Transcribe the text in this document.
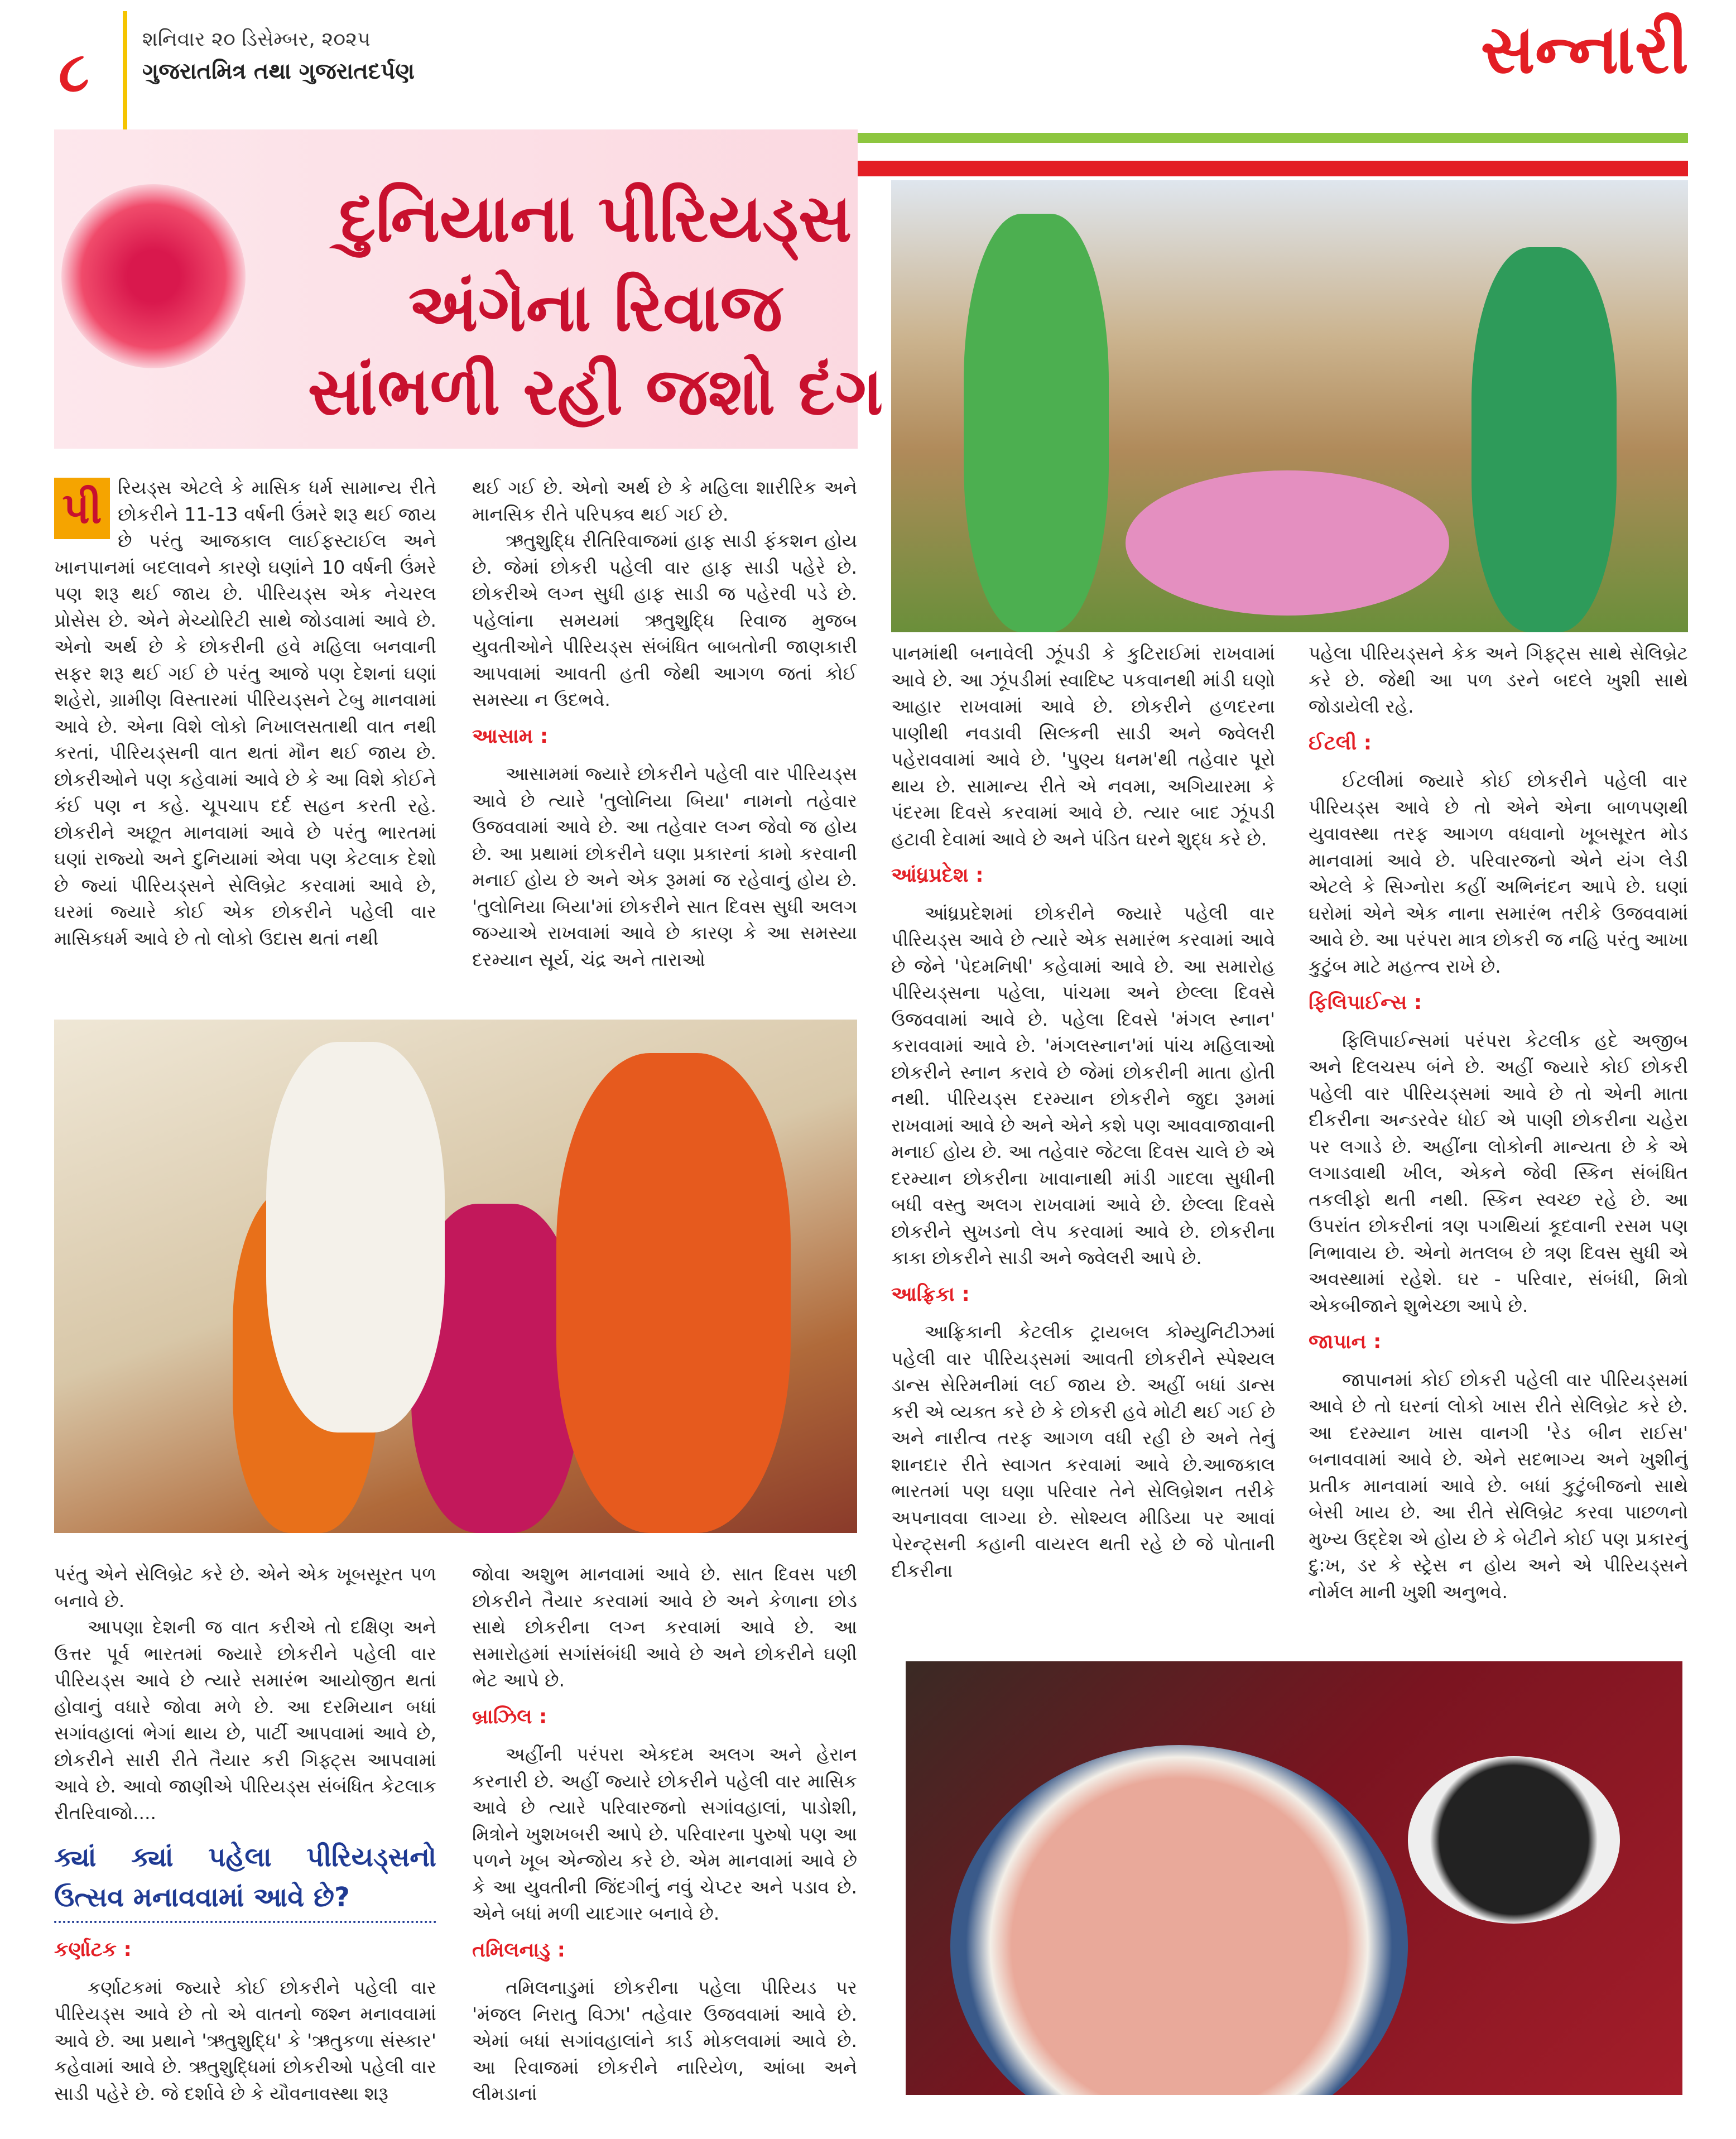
૮	શનિવાર ૨૦ ડિસેમ્બર, ૨૦૨૫
ગુજરાતમિત્ર તથા ગુજરાતદર્પણ	સન્નારી
દુનિયાના પીરિયડ્સ
અંગેના રિવાજ
સાંભળી રહી જશો દંગ
પી રિયડ્સ એટલે કે માસિક ધર્મ સામાન્ય રીતે છોકરીને 11-13 વર્ષની ઉંમરે શરૂ થઈ જાય છે પરંતુ આજકાલ લાઈફસ્ટાઈલ અને ખાનપાનમાં બદલાવને કારણે ઘણાંને 10 વર્ષની ઉંમરે પણ શરૂ થઈ જાય છે. પીરિયડ્સ એક નેચરલ પ્રોસેસ છે. એને મેચ્યોરિટી સાથે જોડવામાં આવે છે. એનો અર્થ છે કે છોકરીની હવે મહિલા બનવાની સફર શરૂ થઈ ગઈ છે પરંતુ આજે પણ દેશનાં ઘણાં શહેરો, ગ્રામીણ વિસ્તારમાં પીરિયડ્સને ટેબુ માનવામાં આવે છે. એના વિશે લોકો નિખાલસતાથી વાત નથી કરતાં, પીરિયડ્સની વાત થતાં મૌન થઈ જાય છે. છોકરીઓને પણ કહેવામાં આવે છે કે આ વિશે કોઈને કંઈ પણ ન કહે. ચૂપચાપ દર્દ સહન કરતી રહે. છોકરીને અછૂત માનવામાં આવે છે પરંતુ ભારતમાં ઘણાં રાજ્યો અને દુનિયામાં એવા પણ કેટલાક દેશો છે જ્યાં પીરિયડ્સને સેલિબ્રેટ કરવામાં આવે છે, ઘરમાં જ્યારે કોઈ એક છોકરીને પહેલી વાર માસિકધર્મ આવે છે તો લોકો ઉદાસ થતાં નથી

થઈ ગઈ છે. એનો અર્થ છે કે મહિલા શારીરિક અને માનસિક રીતે પરિપક્વ થઈ ગઈ છે.

ઋતુશુદ્ધિ રીતિરિવાજમાં હાફ સાડી ફંકશન હોય છે. જેમાં છોકરી પહેલી વાર હાફ સાડી પહેરે છે. છોકરીએ લગ્ન સુધી હાફ સાડી જ પહેરવી પડે છે. પહેલાંના સમયમાં ઋતુશુદ્ધિ રિવાજ મુજબ યુવતીઓને પીરિયડ્સ સંબંધિત બાબતોની જાણકારી આપવામાં આવતી હતી જેથી આગળ જતાં કોઈ સમસ્યા ન ઉદભવે.

આસામ :

આસામમાં જ્યારે છોકરીને પહેલી વાર પીરિયડ્સ આવે છે ત્યારે 'તુલોનિયા બિયા' નામનો તહેવાર ઉજવવામાં આવે છે. આ તહેવાર લગ્ન જેવો જ હોય છે. આ પ્રથામાં છોકરીને ઘણા પ્રકારનાં કામો કરવાની મનાઈ હોય છે અને એક રૂમમાં જ રહેવાનું હોય છે. 'તુલોનિયા બિયા'માં છોકરીને સાત દિવસ સુધી અલગ જગ્યાએ રાખવામાં આવે છે કારણ કે આ સમસ્યા દરમ્યાન સૂર્ય, ચંદ્ર અને તારાઓ

પરંતુ એને સેલિબ્રેટ કરે છે. એને એક ખૂબસૂરત પળ બનાવે છે.

આપણા દેશની જ વાત કરીએ તો દક્ષિણ અને ઉત્તર પૂર્વ ભારતમાં જ્યારે છોકરીને પહેલી વાર પીરિયડ્સ આવે છે ત્યારે સમારંભ આયોજીત થતાં હોવાનું વધારે જોવા મળે છે. આ દરમિયાન બધાં સગાંવહાલાં ભેગાં થાય છે, પાર્ટી આપવામાં આવે છે, છોકરીને સારી રીતે તૈયાર કરી ગિફ્ટ્સ આપવામાં આવે છે. આવો જાણીએ પીરિયડ્સ સંબંધિત કેટલાક રીતરિવાજો....

ક્યાં ક્યાં પહેલા પીરિયડ્સનો ઉત્સવ મનાવવામાં આવે છે?
કર્ણાટક :

કર્ણાટકમાં જ્યારે કોઈ છોકરીને પહેલી વાર પીરિયડ્સ આવે છે તો એ વાતનો જશ્ન મનાવવામાં આવે છે. આ પ્રથાને 'ઋતુશુદ્ધિ' કે 'ઋતુકળા સંસ્કાર' કહેવામાં આવે છે. ઋતુશુદ્ધિમાં છોકરીઓ પહેલી વાર સાડી પહેરે છે. જે દર્શાવે છે કે યૌવનાવસ્થા શરૂ

જોવા અશુભ માનવામાં આવે છે. સાત દિવસ પછી છોકરીને તૈયાર કરવામાં આવે છે અને કેળાના છોડ સાથે છોકરીના લગ્ન કરવામાં આવે છે. આ સમારોહમાં સગાંસંબંધી આવે છે અને છોકરીને ઘણી ભેટ આપે છે.

બ્રાઝિલ :

અહીંની પરંપરા એકદમ અલગ અને હેરાન કરનારી છે. અહીં જ્યારે છોકરીને પહેલી વાર માસિક આવે છે ત્યારે પરિવારજનો સગાંવહાલાં, પાડોશી, મિત્રોને ખુશખબરી આપે છે. પરિવારના પુરુષો પણ આ પળને ખૂબ એન્જોય કરે છે. એમ માનવામાં આવે છે કે આ યુવતીની જિંદગીનું નવું ચેપ્ટર અને પડાવ છે. એને બધાં મળી યાદગાર બનાવે છે.

તમિલનાડુ :

તમિલનાડુમાં છોકરીના પહેલા પીરિયડ પર 'મંજલ નિરાતુ વિઝા' તહેવાર ઉજવવામાં આવે છે. એમાં બધાં સગાંવહાલાંને કાર્ડ મોકલવામાં આવે છે. આ રિવાજમાં છોકરીને નારિયેળ, આંબા અને લીમડાનાં

પાનમાંથી બનાવેલી ઝૂંપડી કે કુટિરાઈમાં રાખવામાં આવે છે. આ ઝૂંપડીમાં સ્વાદિષ્ટ પકવાનથી માંડી ઘણો આહાર રાખવામાં આવે છે. છોકરીને હળદરના પાણીથી નવડાવી સિલ્કની સાડી અને જ્વેલરી પહેરાવવામાં આવે છે. 'પુણ્ય ધનમ'થી તહેવાર પૂરો થાય છે. સામાન્ય રીતે એ નવમા, અગિયારમા કે પંદરમા દિવસે કરવામાં આવે છે. ત્યાર બાદ ઝૂંપડી હટાવી દેવામાં આવે છે અને પંડિત ઘરને શુદ્ધ કરે છે.

આંધ્રપ્રદેશ :

આંધ્રપ્રદેશમાં છોકરીને જ્યારે પહેલી વાર પીરિયડ્સ આવે છે ત્યારે એક સમારંભ કરવામાં આવે છે જેને 'પેદમનિષી' કહેવામાં આવે છે. આ સમારોહ પીરિયડ્સના પહેલા, પાંચમા અને છેલ્લા દિવસે ઉજવવામાં આવે છે. પહેલા દિવસે 'મંગલ સ્નાન' કરાવવામાં આવે છે. 'મંગલસ્નાન'માં પાંચ મહિલાઓ છોકરીને સ્નાન કરાવે છે જેમાં છોકરીની માતા હોતી નથી. પીરિયડ્સ દરમ્યાન છોકરીને જુદા રૂમમાં રાખવામાં આવે છે અને એને કશે પણ આવવાજાવાની મનાઈ હોય છે. આ તહેવાર જેટલા દિવસ ચાલે છે એ દરમ્યાન છોકરીના ખાવાનાથી માંડી ગાદલા સુધીની બધી વસ્તુ અલગ રાખવામાં આવે છે. છેલ્લા દિવસે છોકરીને સુખડનો લેપ કરવામાં આવે છે. છોકરીના કાકા છોકરીને સાડી અને જ્વેલરી આપે છે.

આફ્રિકા :

આફ્રિકાની કેટલીક ટ્રાયબલ કોમ્યુનિટીઝમાં પહેલી વાર પીરિયડ્સમાં આવતી છોકરીને સ્પેશ્યલ ડાન્સ સેરિમનીમાં લઈ જાય છે. અહીં બધાં ડાન્સ કરી એ વ્યક્ત કરે છે કે છોકરી હવે મોટી થઈ ગઈ છે અને નારીત્વ તરફ આગળ વધી રહી છે અને તેનું શાનદાર રીતે સ્વાગત કરવામાં આવે છે.આજકાલ ભારતમાં પણ ઘણા પરિવાર તેને સેલિબ્રેશન તરીકે અપનાવવા લાગ્યા છે. સોશ્યલ મીડિયા પર આવાં પેરન્ટ્સની કહાની વાયરલ થતી રહે છે જે પોતાની દીકરીના

પહેલા પીરિયડ્સને કેક અને ગિફ્ટ્સ સાથે સેલિબ્રેટ કરે છે. જેથી આ પળ ડરને બદલે ખુશી સાથે જોડાયેલી રહે.

ઈટલી :

ઈટલીમાં જ્યારે કોઈ છોકરીને પહેલી વાર પીરિયડ્સ આવે છે તો એને એના બાળપણથી યુવાવસ્થા તરફ આગળ વધવાનો ખૂબસૂરત મોડ માનવામાં આવે છે. પરિવારજનો એને યંગ લેડી એટલે કે સિગ્નોરા કહીં અભિનંદન આપે છે. ઘણાં ઘરોમાં એને એક નાના સમારંભ તરીકે ઉજવવામાં આવે છે. આ પરંપરા માત્ર છોકરી જ નહિ પરંતુ આખા કુટુંબ માટે મહત્ત્વ રાખે છે.

ફિલિપાઈન્સ :

ફિલિપાઈન્સમાં પરંપરા કેટલીક હદે અજીબ અને દિલચસ્પ બંને છે. અહીં જ્યારે કોઈ છોકરી પહેલી વાર પીરિયડ્સમાં આવે છે તો એની માતા દીકરીના અન્ડરવેર ધોઈ એ પાણી છોકરીના ચહેરા પર લગાડે છે. અહીંના લોકોની માન્યતા છે કે એ લગાડવાથી ખીલ, એકને જેવી સ્કિન સંબંધિત તકલીફો થતી નથી. સ્કિન સ્વચ્છ રહે છે. આ ઉપરાંત છોકરીનાં ત્રણ પગથિયાં કૂદવાની રસમ પણ નિભાવાય છે. એનો મતલબ છે ત્રણ દિવસ સુધી એ અવસ્થામાં રહેશે. ઘર - પરિવાર, સંબંધી, મિત્રો એકબીજાને શુભેચ્છા આપે છે.

જાપાન :

જાપાનમાં કોઈ છોકરી પહેલી વાર પીરિયડ્સમાં આવે છે તો ઘરનાં લોકો ખાસ રીતે સેલિબ્રેટ કરે છે. આ દરમ્યાન ખાસ વાનગી 'રેડ બીન રાઈસ' બનાવવામાં આવે છે. એને સદભાગ્ય અને ખુશીનું પ્રતીક માનવામાં આવે છે. બધાં કુટુંબીજનો સાથે બેસી ખાય છે. આ રીતે સેલિબ્રેટ કરવા પાછળનો મુખ્ય ઉદ્દેશ એ હોય છે કે બેટીને કોઈ પણ પ્રકારનું દુ:ખ, ડર કે સ્ટ્રેસ ન હોય અને એ પીરિયડ્સને નોર્મલ માની ખુશી અનુભવે.
